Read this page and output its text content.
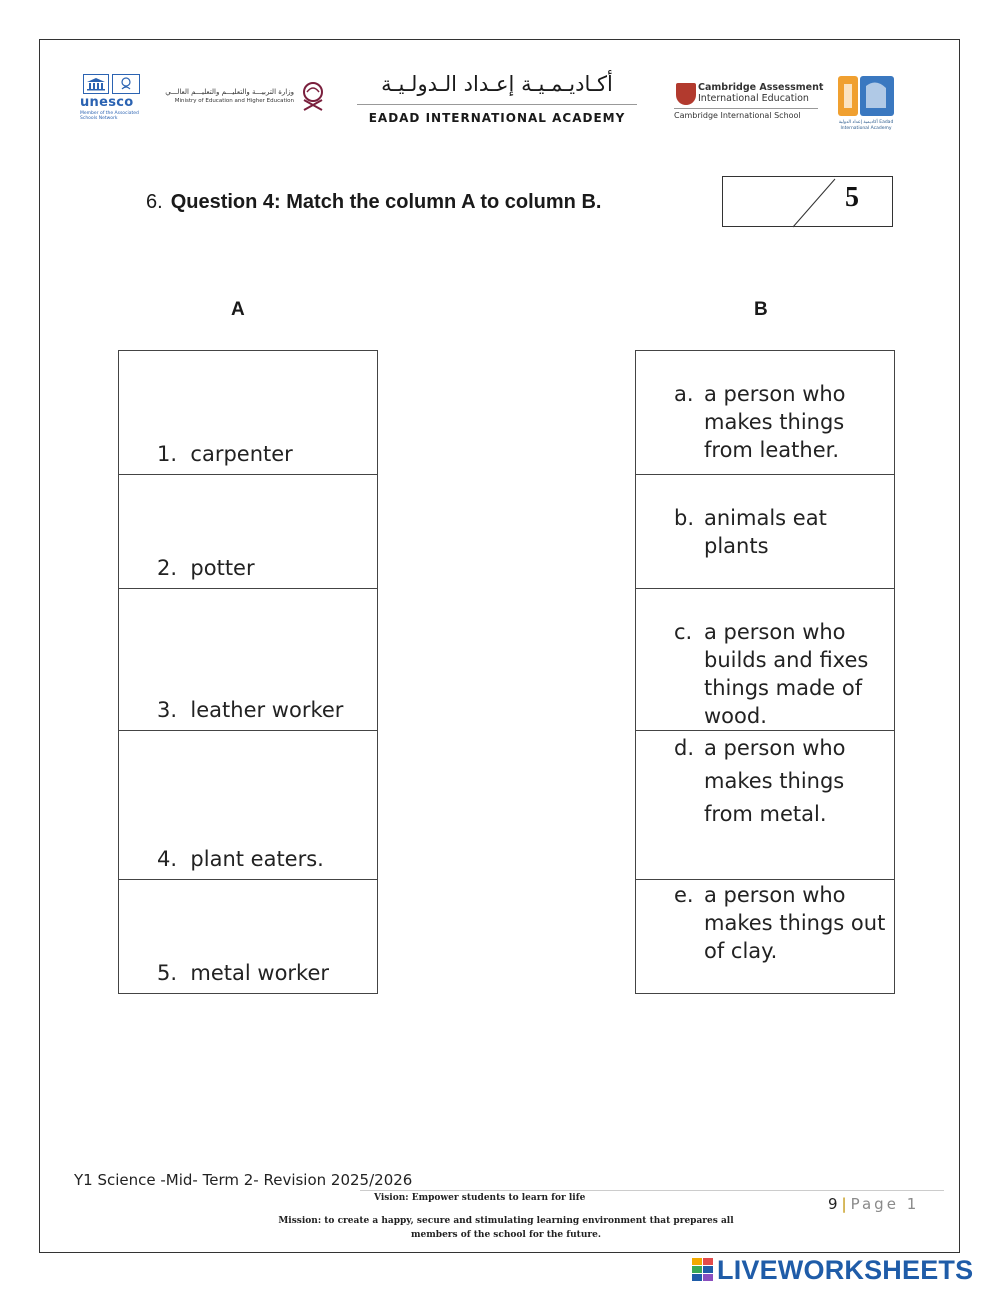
unesco
Member of the Associated Schools Network
وزارة التربيـــة والتعليـــم والتعليـــم العالـــي
Ministry of Education and Higher Education
أكـاديـمـيـة إعـداد الـدولـيـة
EADAD INTERNATIONAL ACADEMY
Cambridge Assessment
International Education
Cambridge International School
أكاديمية إعداد الدولية Eadad International Academy
6. Question 4: Match the column A to column B.	5
A	B
1. carpenter
2. potter
3. leather worker
4. plant eaters.
5. metal worker
a. a person who makes things from leather.
b. animals eat plants
c. a person who builds and fixes things made of wood.
d. a person who makes things from metal.
e. a person who makes things out of clay.
Y1 Science -Mid- Term 2- Revision 2025/2026
Vision: Empower students to learn for life
Mission: to create a happy, secure and stimulating learning environment that prepares all members of the school for the future.
9 | Page 1
LIVEWORKSHEETS
